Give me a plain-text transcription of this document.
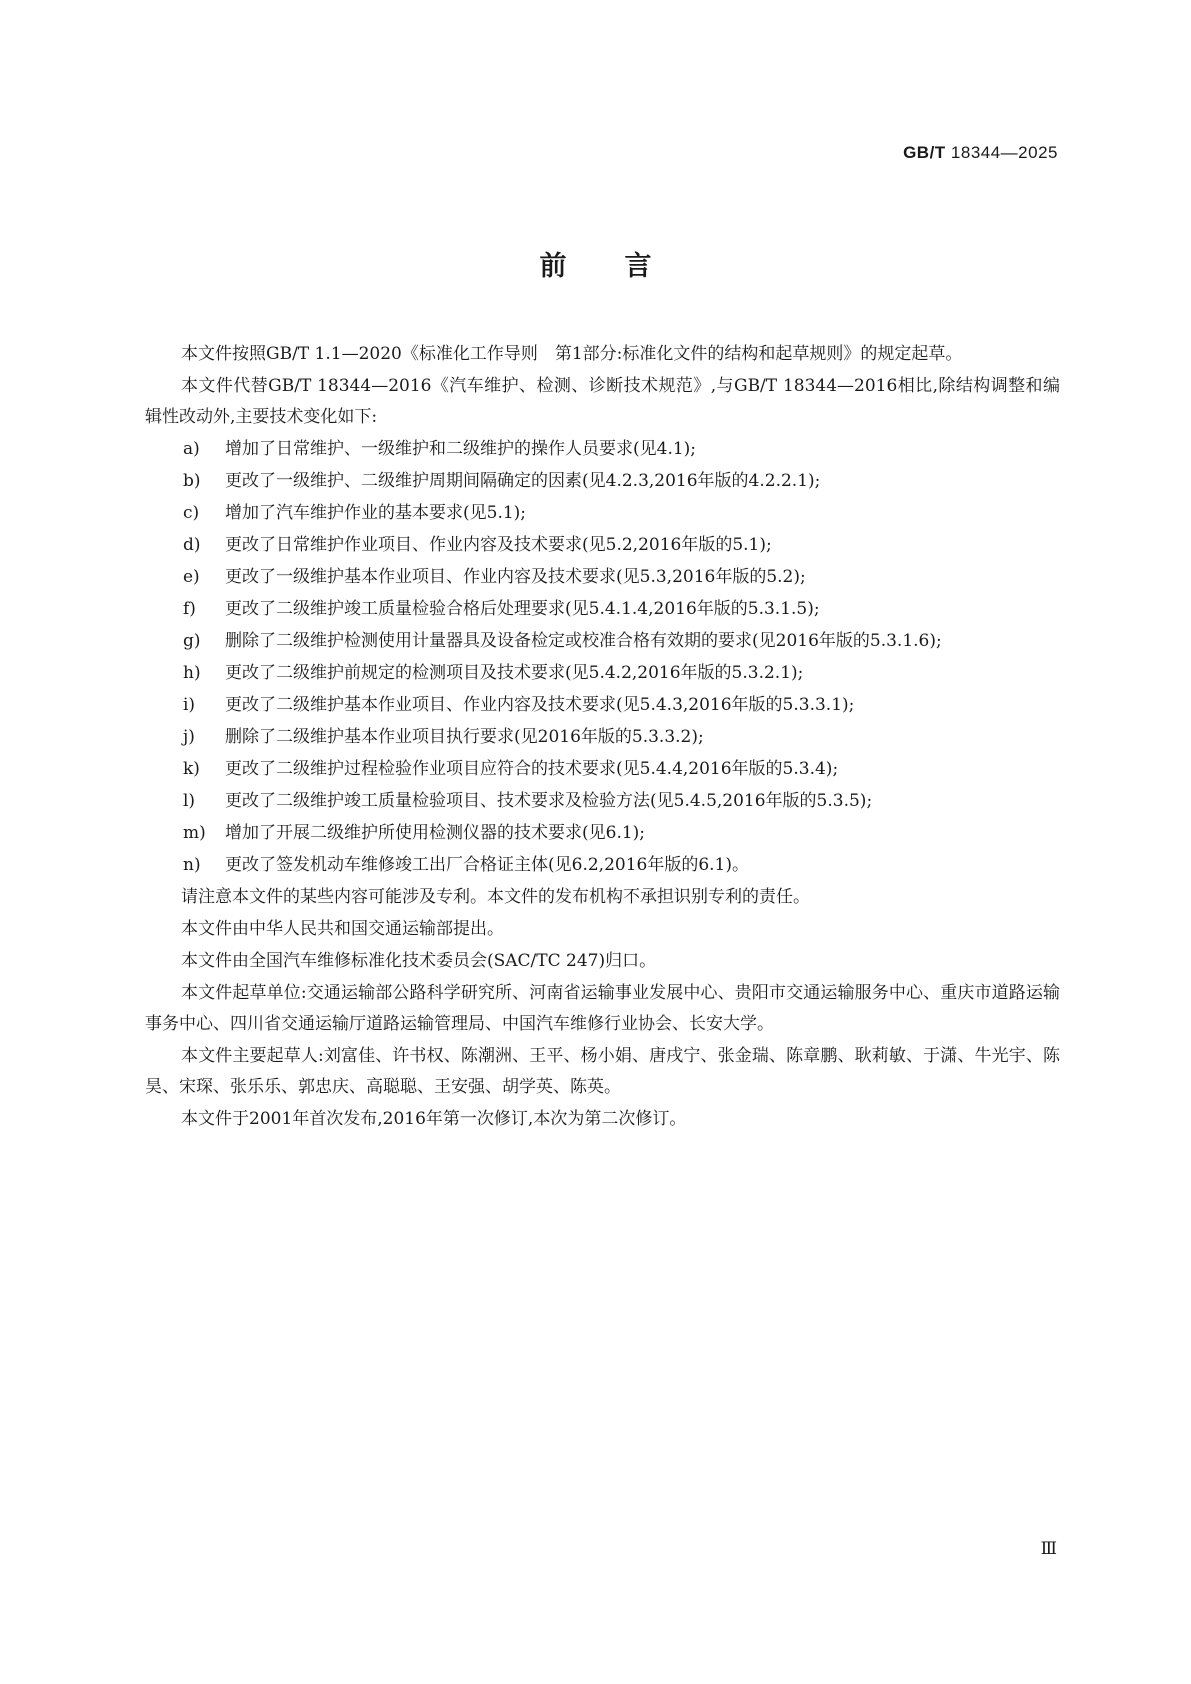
GB/T 18344—2025
前 言

本文件按照GB/T 1.1—2020《标准化工作导则　第1部分:标准化文件的结构和起草规则》的规定起草。

本文件代替GB/T 18344—2016《汽车维护、检测、诊断技术规范》,与GB/T 18344—2016相比,除结构调整和编辑性改动外,主要技术变化如下:

a) 增加了日常维护、一级维护和二级维护的操作人员要求(见4.1);
b) 更改了一级维护、二级维护周期间隔确定的因素(见4.2.3,2016年版的4.2.2.1);
c) 增加了汽车维护作业的基本要求(见5.1);
d) 更改了日常维护作业项目、作业内容及技术要求(见5.2,2016年版的5.1);
e) 更改了一级维护基本作业项目、作业内容及技术要求(见5.3,2016年版的5.2);
f) 更改了二级维护竣工质量检验合格后处理要求(见5.4.1.4,2016年版的5.3.1.5);
g) 删除了二级维护检测使用计量器具及设备检定或校准合格有效期的要求(见2016年版的5.3.1.6);
h) 更改了二级维护前规定的检测项目及技术要求(见5.4.2,2016年版的5.3.2.1);
i) 更改了二级维护基本作业项目、作业内容及技术要求(见5.4.3,2016年版的5.3.3.1);
j) 删除了二级维护基本作业项目执行要求(见2016年版的5.3.3.2);
k) 更改了二级维护过程检验作业项目应符合的技术要求(见5.4.4,2016年版的5.3.4);
l) 更改了二级维护竣工质量检验项目、技术要求及检验方法(见5.4.5,2016年版的5.3.5);
m) 增加了开展二级维护所使用检测仪器的技术要求(见6.1);
n) 更改了签发机动车维修竣工出厂合格证主体(见6.2,2016年版的6.1)。

请注意本文件的某些内容可能涉及专利。本文件的发布机构不承担识别专利的责任。

本文件由中华人民共和国交通运输部提出。

本文件由全国汽车维修标准化技术委员会(SAC/TC 247)归口。

本文件起草单位:交通运输部公路科学研究所、河南省运输事业发展中心、贵阳市交通运输服务中心、重庆市道路运输事务中心、四川省交通运输厅道路运输管理局、中国汽车维修行业协会、长安大学。

本文件主要起草人:刘富佳、许书权、陈潮洲、王平、杨小娟、唐戌宁、张金瑞、陈章鹏、耿莉敏、于潇、牛光宇、陈昊、宋琛、张乐乐、郭忠庆、高聪聪、王安强、胡学英、陈英。

本文件于2001年首次发布,2016年第一次修订,本次为第二次修订。

Ⅲ
